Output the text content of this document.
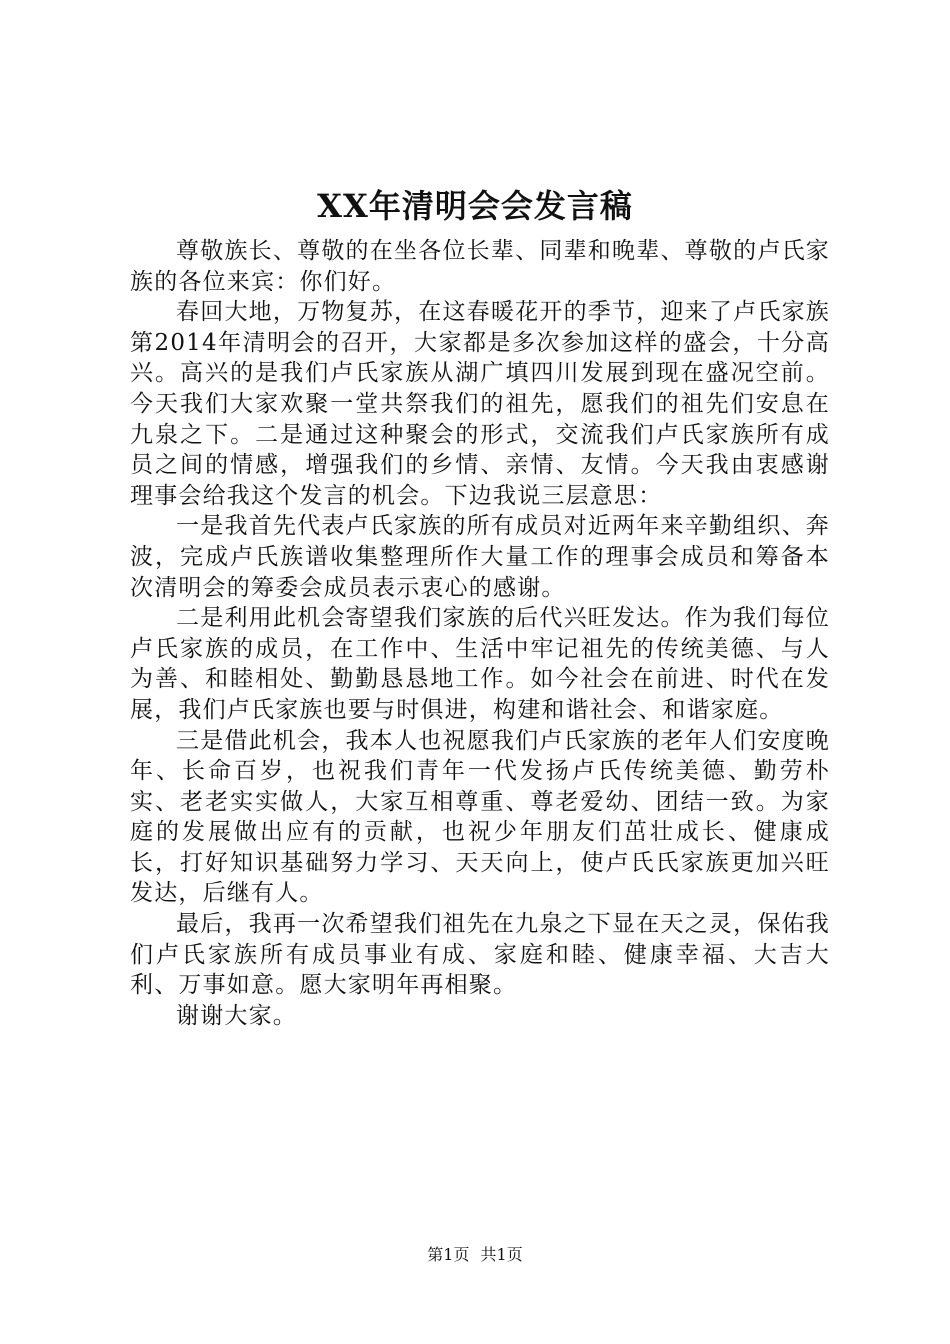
XX年清明会会发言稿

尊敬族长、尊敬的在坐各位长辈、同辈和晚辈、尊敬的卢氏家族的各位来宾：你们好。

春回大地，万物复苏，在这春暖花开的季节，迎来了卢氏家族第2014年清明会的召开，大家都是多次参加这样的盛会，十分高兴。高兴的是我们卢氏家族从湖广填四川发展到现在盛况空前。今天我们大家欢聚一堂共祭我们的祖先，愿我们的祖先们安息在九泉之下。二是通过这种聚会的形式，交流我们卢氏家族所有成员之间的情感，增强我们的乡情、亲情、友情。今天我由衷感谢理事会给我这个发言的机会。下边我说三层意思：

一是我首先代表卢氏家族的所有成员对近两年来辛勤组织、奔波，完成卢氏族谱收集整理所作大量工作的理事会成员和筹备本次清明会的筹委会成员表示衷心的感谢。

二是利用此机会寄望我们家族的后代兴旺发达。作为我们每位卢氏家族的成员，在工作中、生活中牢记祖先的传统美德、与人为善、和睦相处、勤勤恳恳地工作。如今社会在前进、时代在发展，我们卢氏家族也要与时俱进，构建和谐社会、和谐家庭。

三是借此机会，我本人也祝愿我们卢氏家族的老年人们安度晚年、长命百岁，也祝我们青年一代发扬卢氏传统美德、勤劳朴实、老老实实做人，大家互相尊重、尊老爱幼、团结一致。为家庭的发展做出应有的贡献，也祝少年朋友们茁壮成长、健康成长，打好知识基础努力学习、天天向上，使卢氏氏家族更加兴旺发达，后继有人。

最后，我再一次希望我们祖先在九泉之下显在天之灵，保佑我们卢氏家族所有成员事业有成、家庭和睦、健康幸福、大吉大利、万事如意。愿大家明年再相聚。

谢谢大家。

第1页 共1页
